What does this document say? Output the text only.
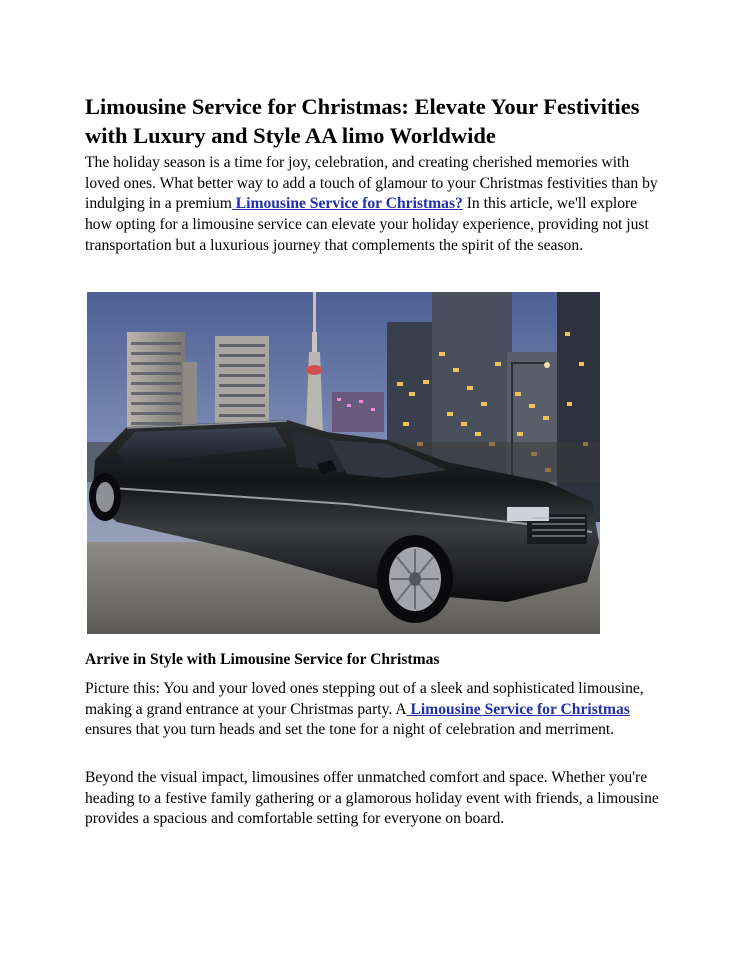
Limousine Service for Christmas: Elevate Your Festivities with Luxury and Style AA limo Worldwide

The holiday season is a time for joy, celebration, and creating cherished memories with loved ones. What better way to add a touch of glamour to your Christmas festivities than by indulging in a premium Limousine Service for Christmas? In this article, we'll explore how opting for a limousine service can elevate your holiday experience, providing not just transportation but a luxurious journey that complements the spirit of the season.

Arrive in Style with Limousine Service for Christmas

Picture this: You and your loved ones stepping out of a sleek and sophisticated limousine, making a grand entrance at your Christmas party. A Limousine Service for Christmas ensures that you turn heads and set the tone for a night of celebration and merriment.

Beyond the visual impact, limousines offer unmatched comfort and space. Whether you're heading to a festive family gathering or a glamorous holiday event with friends, a limousine provides a spacious and comfortable setting for everyone on board.
